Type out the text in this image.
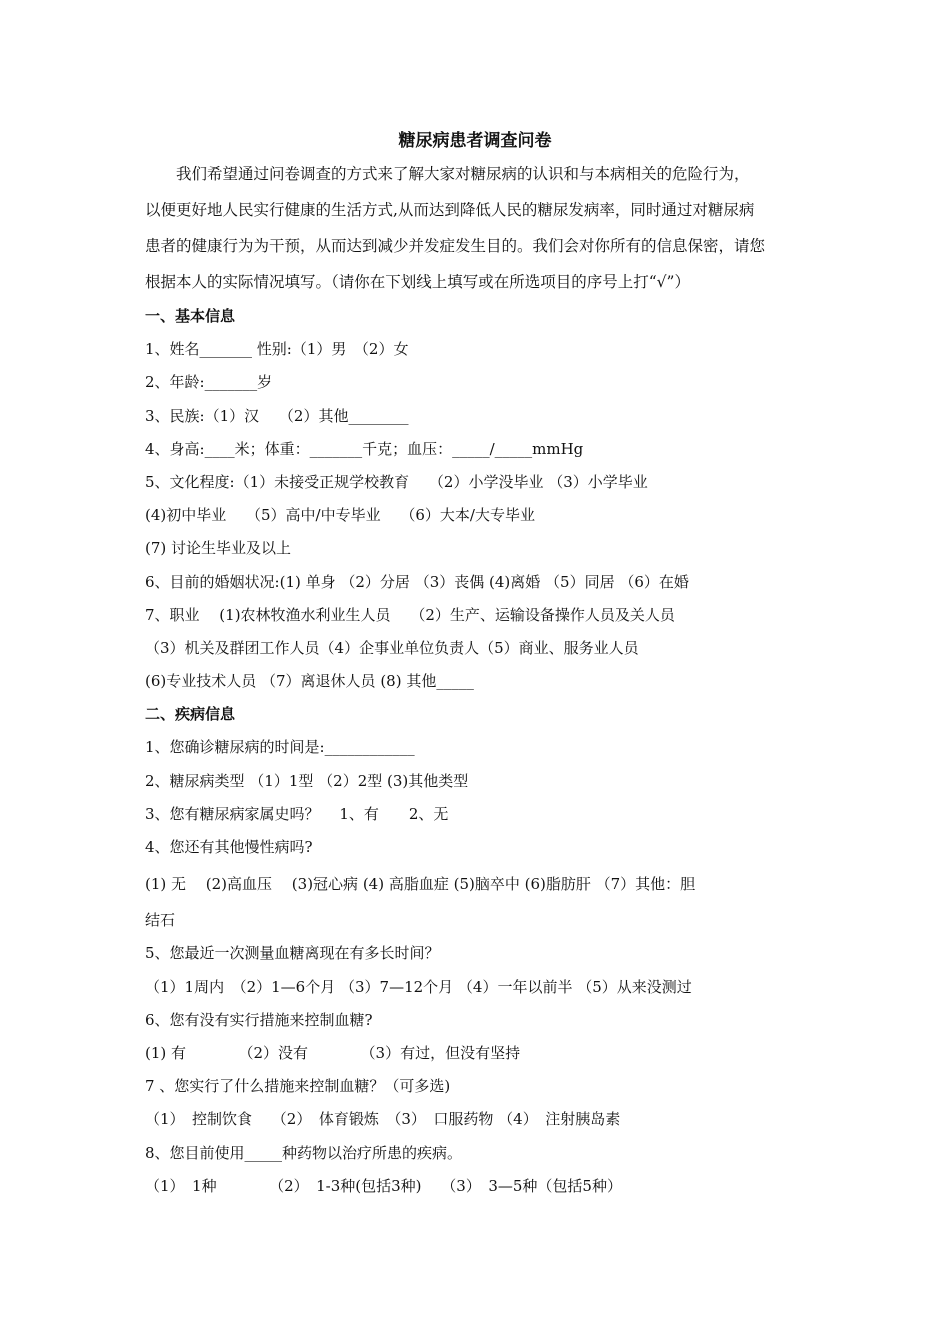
糖尿病患者调查问卷
我们希望通过问卷调查的方式来了解大家对糖尿病的认识和与本病相关的危险行为，
以便更好地人民实行健康的生活方式,从而达到降低人民的糖尿发病率，同时通过对糖尿病
患者的健康行为为干预，从而达到减少并发症发生目的。我们会对你所有的信息保密，请您
根据本人的实际情况填写。（请你在下划线上填写或在所选项目的序号上打“√”）
一、基本信息
1、姓名_______ 性别:（1）男　（2）女
2、年龄:_______岁
3、民族:（1）汉　 （2）其他________
4、身高:____米；体重：_______千克；血压：_____/_____mmHg
5、文化程度:（1）未接受正规学校教育　 （2）小学没毕业 （3）小学毕业
(4)初中毕业　 （5）高中/中专毕业　 （6）大本/大专毕业
(7) 讨论生毕业及以上
6、目前的婚姻状况:(1) 单身 （2）分居 （3）丧偶 (4)离婚 （5）同居 （6）在婚
7、职业　 (1)农林牧渔水利业生人员　 （2）生产、运输设备操作人员及关人员
（3）机关及群团工作人员（4）企事业单位负责人（5）商业、服务业人员
(6)专业技术人员 （7）离退休人员 (8) 其他_____
二、疾病信息
1、您确诊糖尿病的时间是:____________
2、糖尿病类型 （1）1型 （2）2型 (3)其他类型
3、您有糖尿病家属史吗？ 　1、有　　2、无
4、您还有其他慢性病吗?
(1) 无　 (2)高血压　 (3)冠心病 (4) 高脂血症 (5)脑卒中 (6)脂肪肝 （7）其他：胆
结石
5、您最近一次测量血糖离现在有多长时间？
（1）1周内　（2）1—6个月 （3）7—12个月 （4）一年以前半 （5）从来没测过
6、您有没有实行措施来控制血糖?
(1) 有　　　　（2）没有　　　　（3）有过，但没有坚持
7 、您实行了什么措施来控制血糖？（可多选)
（1）　控制饮食　 （2）　体育锻炼　（3）　口服药物 （4）　注射胰岛素
8、您目前使用_____种药物以治疗所患的疾病。
（1）　1种　　　　（2）　1-3种(包括3种)　 （3）　3—5种（包括5种）
